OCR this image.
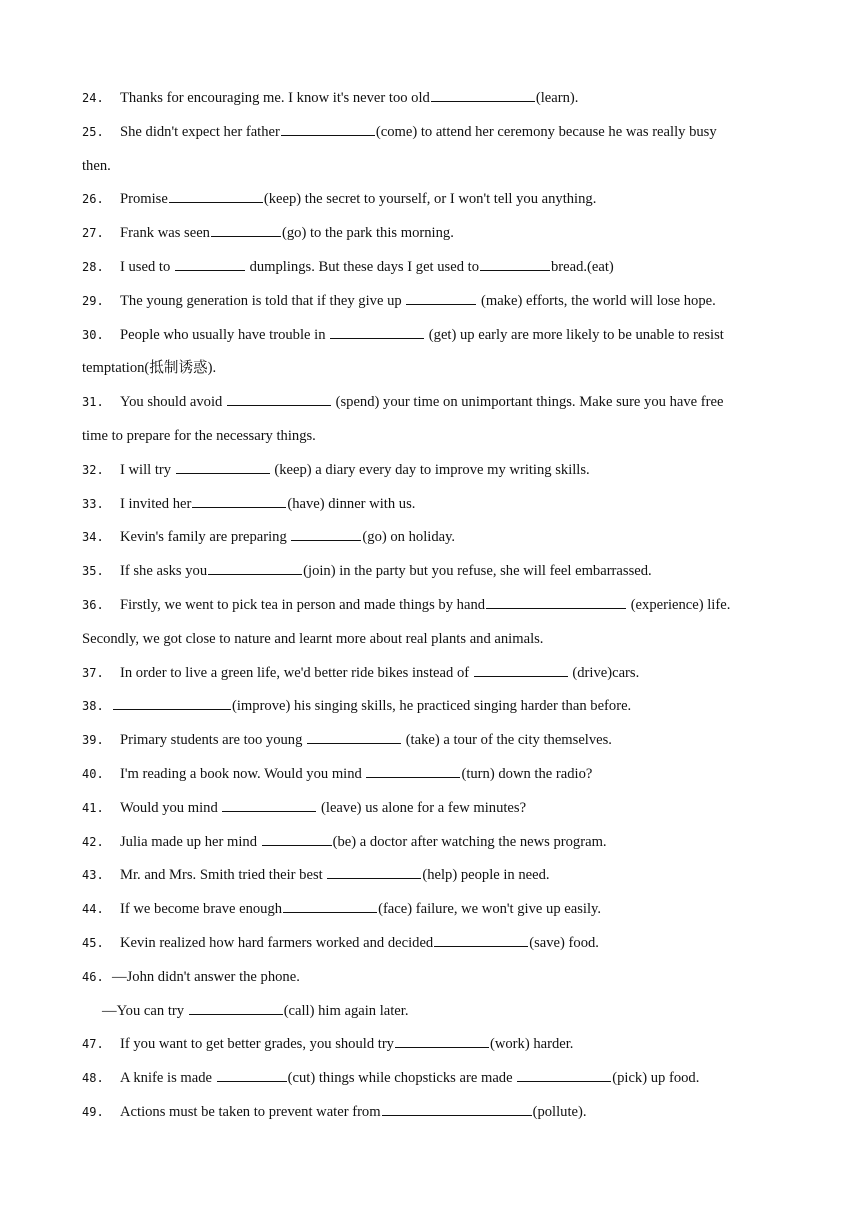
24. Thanks for encouraging me. I know it's never too old	(learn).
25. She didn't expect her father	(come) to attend her ceremony because he was really busy
then.
26. Promise	(keep) the secret to yourself, or I won't tell you anything.
27. Frank was seen	(go) to the park this morning.
28. I used to	dumplings. But these days I get used to	bread.(eat)
29. The young generation is told that if they give up	(make) efforts, the world will lose hope.
30. People who usually have trouble in	(get) up early are more likely to be unable to resist
temptation(抵制诱惑).
31. You should avoid	(spend) your time on unimportant things. Make sure you have free
time to prepare for the necessary things.
32. I will try	(keep) a diary every day to improve my writing skills.
33. I invited her	(have) dinner with us.
34. Kevin's family are preparing	(go) on holiday.
35. If she asks you	(join) in the party but you refuse, she will feel embarrassed.
36. Firstly, we went to pick tea in person and made things by hand	(experience) life.
Secondly, we got close to nature and learnt more about real plants and animals.
37. In order to live a green life, we'd better ride bikes instead of	(drive)cars.
38.	(improve) his singing skills, he practiced singing harder than before.
39. Primary students are too young	(take) a tour of the city themselves.
40. I'm reading a book now. Would you mind	(turn) down the radio?
41. Would you mind	(leave) us alone for a few minutes?
42. Julia made up her mind	(be) a doctor after watching the news program.
43. Mr. and Mrs. Smith tried their best	(help) people in need.
44. If we become brave enough	(face) failure, we won't give up easily.
45. Kevin realized how hard farmers worked and decided	(save) food.
46. —John didn't answer the phone.
—You can try	(call) him again later.
47. If you want to get better grades, you should try	(work) harder.
48. A knife is made	(cut) things while chopsticks are made	(pick) up food.
49. Actions must be taken to prevent water from	(pollute).
